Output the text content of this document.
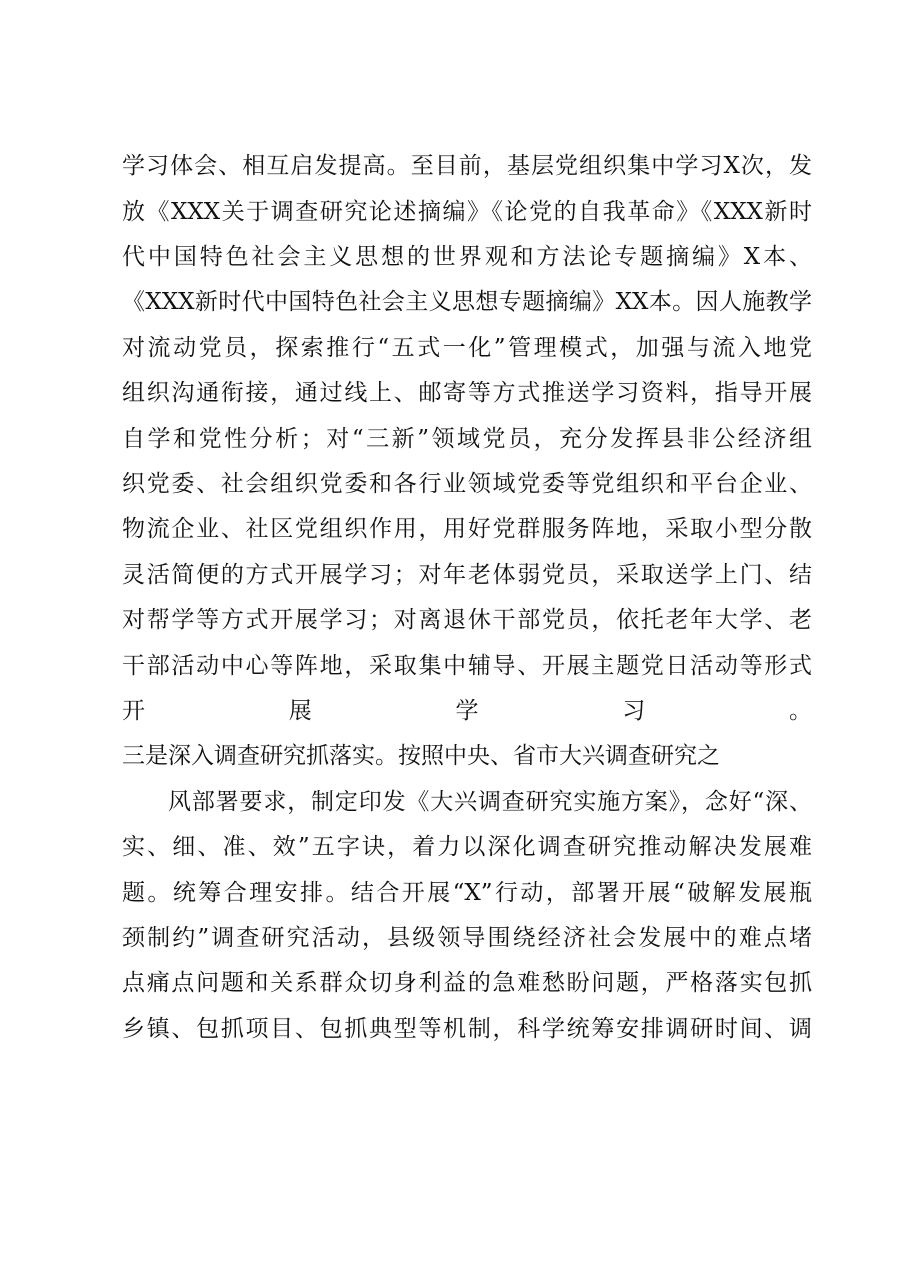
学习体会、相互启发提高。至目前，基层党组织集中学习X次，发
放《XXX关于调查研究论述摘编》《论党的自我革命》《XXX新时
代中国特色社会主义思想的世界观和方法论专题摘编》X本、
《XXX新时代中国特色社会主义思想专题摘编》XX本。因人施教学
对流动党员，探索推行“五式一化”管理模式，加强与流入地党
组织沟通衔接，通过线上、邮寄等方式推送学习资料，指导开展
自学和党性分析；对“三新”领域党员，充分发挥县非公经济组
织党委、社会组织党委和各行业领域党委等党组织和平台企业、
物流企业、社区党组织作用，用好党群服务阵地，采取小型分散
灵活简便的方式开展学习；对年老体弱党员，采取送学上门、结
对帮学等方式开展学习；对离退休干部党员，依托老年大学、老
干部活动中心等阵地，采取集中辅导、开展主题党日活动等形式
开展学习。
三是深入调查研究抓落实。按照中央、省市大兴调查研究之
风部署要求，制定印发《大兴调查研究实施方案》，念好“深、
实、细、准、效”五字诀，着力以深化调查研究推动解决发展难
题。统筹合理安排。结合开展“X”行动，部署开展“破解发展瓶
颈制约”调查研究活动，县级领导围绕经济社会发展中的难点堵
点痛点问题和关系群众切身利益的急难愁盼问题，严格落实包抓
乡镇、包抓项目、包抓典型等机制，科学统筹安排调研时间、调
